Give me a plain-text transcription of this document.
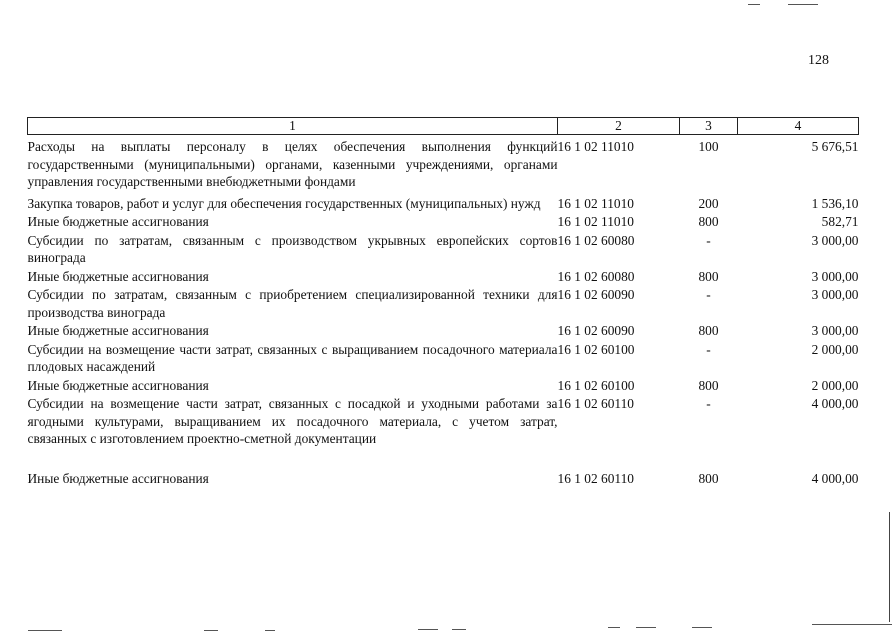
128
1	2	3	4
Расходы на выплаты персоналу в целях обеспечения выполнения функций государственными (муниципальными) органами, казенными учреждениями, органами управления государственными внебюджетными фондами	16 1 02 11010	100	5 676,51
Закупка товаров, работ и услуг для обеспечения государственных (муниципальных) нужд	16 1 02 11010	200	1 536,10
Иные бюджетные ассигнования	16 1 02 11010	800	582,71
Субсидии по затратам, связанным с производством укрывных европейских сортов винограда	16 1 02 60080	-	3 000,00
Иные бюджетные ассигнования	16 1 02 60080	800	3 000,00
Субсидии по затратам, связанным с приобретением специализированной техники для производства винограда	16 1 02 60090	-	3 000,00
Иные бюджетные ассигнования	16 1 02 60090	800	3 000,00
Субсидии на возмещение части затрат, связанных с выращиванием посадочного материала плодовых насаждений	16 1 02 60100	-	2 000,00
Иные бюджетные ассигнования	16 1 02 60100	800	2 000,00
Субсидии на возмещение части затрат, связанных с посадкой и уходными работами за ягодными культурами, выращиванием их посадочного материала, с учетом затрат, связанных с изготовлением проектно-сметной документации	16 1 02 60110	-	4 000,00
Иные бюджетные ассигнования	16 1 02 60110	800	4 000,00
